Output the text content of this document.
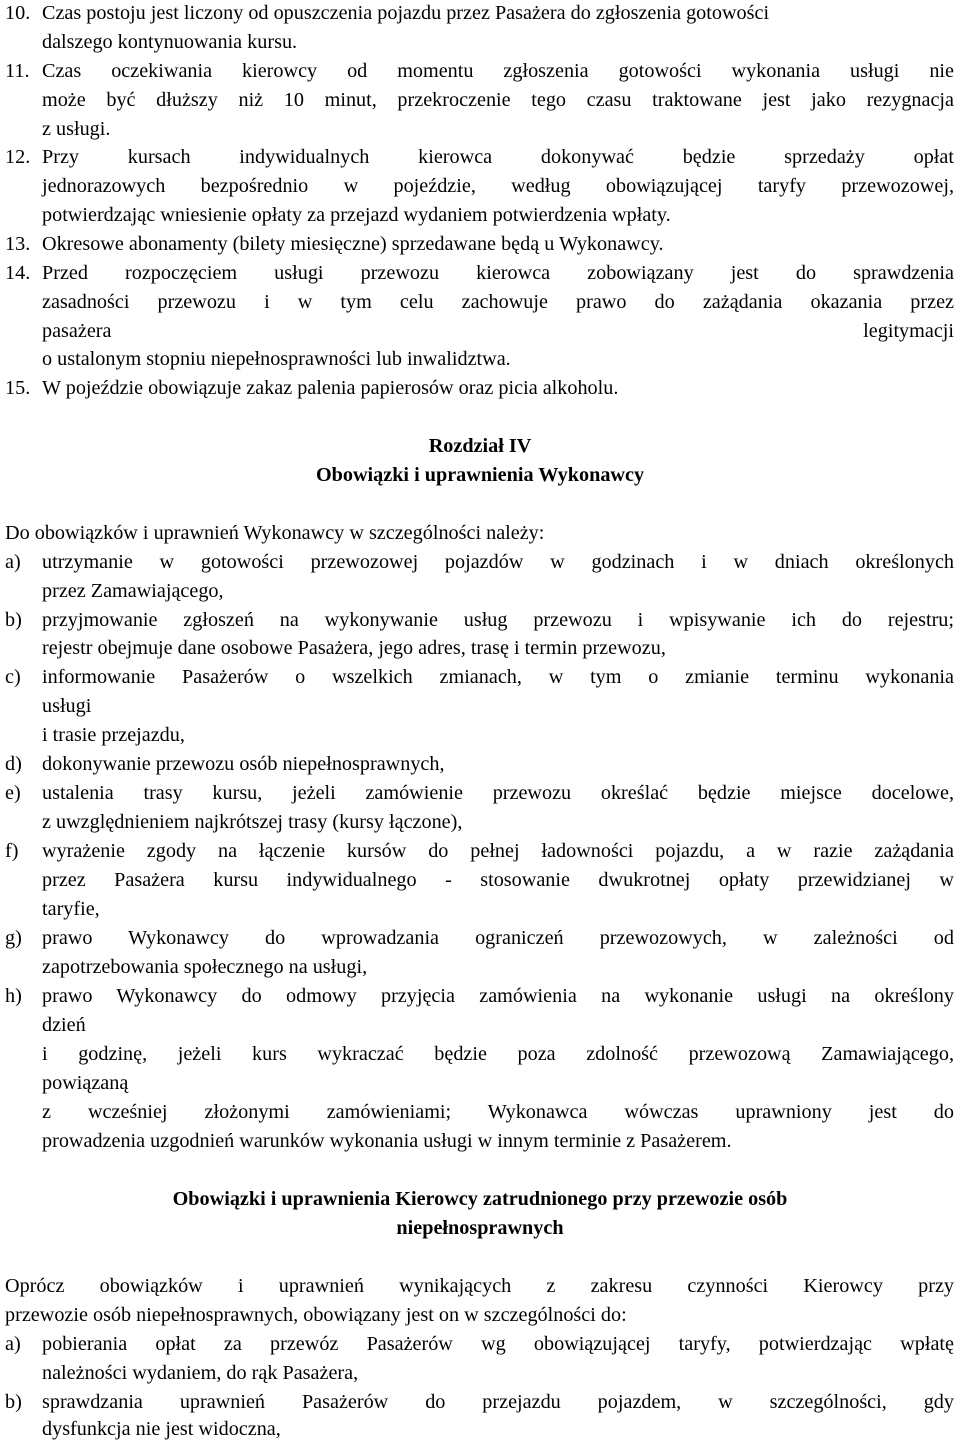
10. Czas postoju jest liczony od opuszczenia pojazdu przez Pasażera do zgłoszenia gotowości
dalszego kontynuowania kursu.
11. Czas oczekiwania kierowcy od momentu zgłoszenia gotowości wykonania usługi nie
może być dłuższy niż 10 minut, przekroczenie tego czasu traktowane jest jako rezygnacja
z usługi.
12. Przy kursach indywidualnych kierowca dokonywać będzie sprzedaży opłat
jednorazowych bezpośrednio w pojeździe, według obowiązującej taryfy przewozowej,
potwierdzając wniesienie opłaty za przejazd wydaniem potwierdzenia wpłaty.
13. Okresowe abonamenty (bilety miesięczne) sprzedawane będą u Wykonawcy.
14. Przed rozpoczęciem usługi przewozu kierowca zobowiązany jest do sprawdzenia
zasadności przewozu i w tym celu zachowuje prawo do zażądania okazania przez
pasażera legitymacji
o ustalonym stopniu niepełnosprawności lub inwalidztwa.
15. W pojeździe obowiązuje zakaz palenia papierosów oraz picia alkoholu.
Rozdział IV
Obowiązki i uprawnienia Wykonawcy
Do obowiązków i uprawnień Wykonawcy w szczególności należy:
a) utrzymanie w gotowości przewozowej pojazdów w godzinach i w dniach określonych
przez Zamawiającego,
b) przyjmowanie zgłoszeń na wykonywanie usług przewozu i wpisywanie ich do rejestru;
rejestr obejmuje dane osobowe Pasażera, jego adres, trasę i termin przewozu,
c) informowanie Pasażerów o wszelkich zmianach, w tym o zmianie terminu wykonania
usługi
i trasie przejazdu,
d) dokonywanie przewozu osób niepełnosprawnych,
e) ustalenia trasy kursu, jeżeli zamówienie przewozu określać będzie miejsce docelowe,
z uwzględnieniem najkrótszej trasy (kursy łączone),
f) wyrażenie zgody na łączenie kursów do pełnej ładowności pojazdu, a w razie zażądania
przez Pasażera kursu indywidualnego - stosowanie dwukrotnej opłaty przewidzianej w
taryfie,
g) prawo Wykonawcy do wprowadzania ograniczeń przewozowych, w zależności od
zapotrzebowania społecznego na usługi,
h) prawo Wykonawcy do odmowy przyjęcia zamówienia na wykonanie usługi na określony
dzień
i godzinę, jeżeli kurs wykraczać będzie poza zdolność przewozową Zamawiającego,
powiązaną
z wcześniej złożonymi zamówieniami; Wykonawca wówczas uprawniony jest do
prowadzenia uzgodnień warunków wykonania usługi w innym terminie z Pasażerem.
Obowiązki i uprawnienia Kierowcy zatrudnionego przy przewozie osób
niepełnosprawnych
Oprócz obowiązków i uprawnień wynikających z zakresu czynności Kierowcy przy
przewozie osób niepełnosprawnych, obowiązany jest on w szczególności do:
a) pobierania opłat za przewóz Pasażerów wg obowiązującej taryfy, potwierdzając wpłatę
należności wydaniem, do rąk Pasażera,
b) sprawdzania uprawnień Pasażerów do przejazdu pojazdem, w szczególności, gdy
dysfunkcja nie jest widoczna,
